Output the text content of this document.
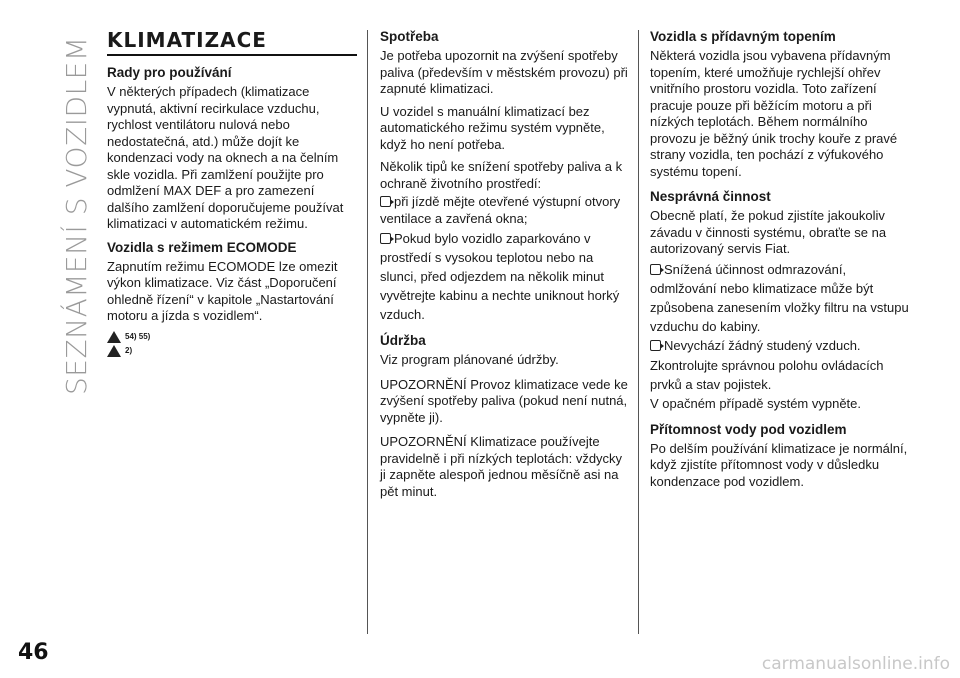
SEZNÁMENÍ S VOZIDLEM KLIMATIZACE
Rady pro používání

V některých případech (klimatizace vypnutá, aktivní recirkulace vzduchu, rychlost ventilátoru nulová nebo nedostatečná, atd.) může dojít ke kondenzaci vody na oknech a na čelním skle vozidla. Při zamlžení použijte pro odmlžení MAX DEF a pro zamezení dalšího zamlžení doporučujeme používat klimatizaci v automatickém režimu.

Vozidla s režimem ECOMODE

Zapnutím režimu ECOMODE lze omezit výkon klimatizace. Viz část „Doporučení ohledně řízení“ v kapitole „Nastartování motoru a jízda s vozidlem“.

54) 55)
2)
Spotřeba

Je potřeba upozornit na zvýšení spotřeby paliva (především v městském provozu) při zapnuté klimatizaci.

U vozidel s manuální klimatizací bez automatického režimu systém vypněte, když ho není potřeba.

Několik tipů ke snížení spotřeby paliva a k ochraně životního prostředí:

při jízdě mějte otevřené výstupní otvory ventilace a zavřená okna;

Pokud bylo vozidlo zaparkováno v prostředí s vysokou teplotou nebo na slunci, před odjezdem na několik minut vyvětrejte kabinu a nechte uniknout horký vzduch.

Údržba

Viz program plánované údržby.

UPOZORNĚNÍ Provoz klimatizace vede ke zvýšení spotřeby paliva (pokud není nutná, vypněte ji).

UPOZORNĚNÍ Klimatizace používejte pravidelně i při nízkých teplotách: vždycky ji zapněte alespoň jednou měsíčně asi na pět minut.

Vozidla s přídavným topením

Některá vozidla jsou vybavena přídavným topením, které umožňuje rychlejší ohřev vnitřního prostoru vozidla. Toto zařízení pracuje pouze při běžícím motoru a při nízkých teplotách. Během normálního provozu je běžný únik trochy kouře z pravé strany vozidla, ten pochází z výfukového systému topení.

Nesprávná činnost

Obecně platí, že pokud zjistíte jakoukoliv závadu v činnosti systému, obraťte se na autorizovaný servis Fiat.

Snížená účinnost odmrazování, odmlžování nebo klimatizace může být způsobena zanesením vložky filtru na vstupu vzduchu do kabiny.

Nevychází žádný studený vzduch.

Zkontrolujte správnou polohu ovládacích prvků a stav pojistek.

V opačném případě systém vypněte.

Přítomnost vody pod vozidlem

Po delším používání klimatizace je normální, když zjistíte přítomnost vody v důsledku kondenzace pod vozidlem.

46	carmanualsonline.info
